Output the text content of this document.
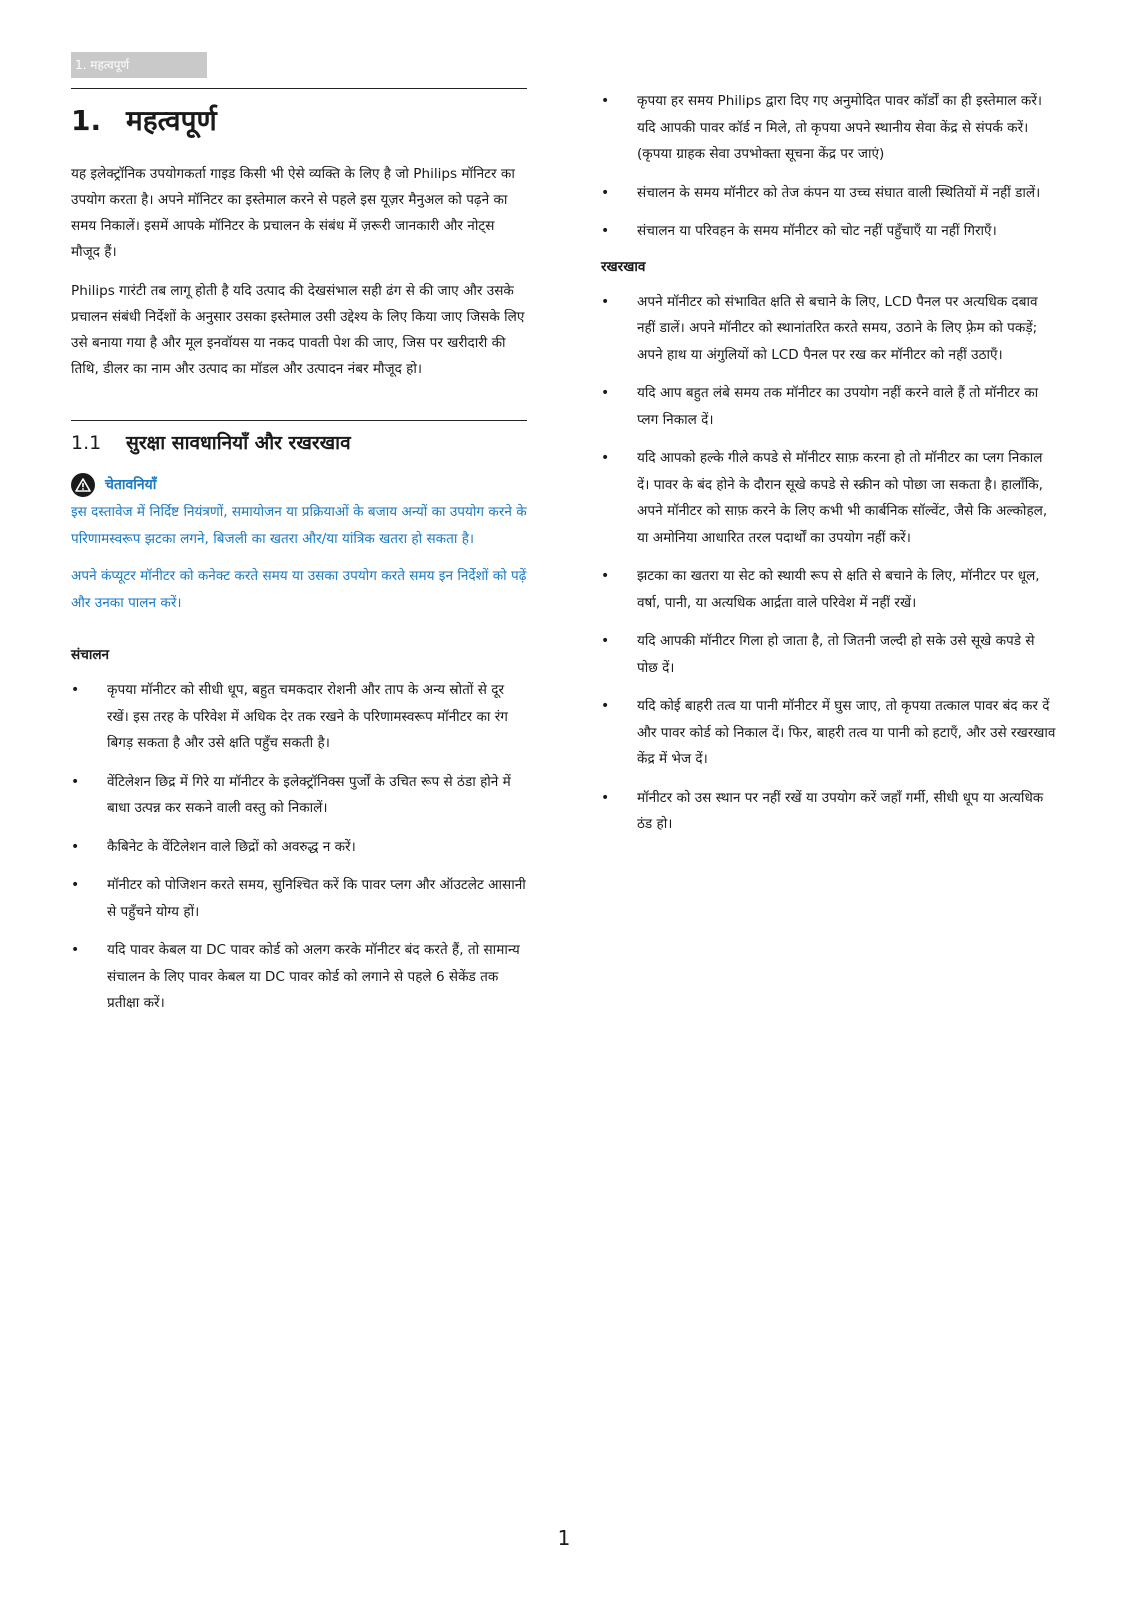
1. महत्वपूर्ण
1. महत्वपूर्ण

यह इलेक्ट्रॉनिक उपयोगकर्ता गाइड किसी भी ऐसे व्यक्ति के लिए है जो Philips मॉनिटर का उपयोग करता है। अपने मॉनिटर का इस्तेमाल करने से पहले इस यूज़र मैनुअल को पढ़ने का समय निकालें। इसमें आपके मॉनिटर के प्रचालन के संबंध में ज़रूरी जानकारी और नोट्स मौजूद हैं।

Philips गारंटी तब लागू होती है यदि उत्पाद की देखसंभाल सही ढंग से की जाए और उसके प्रचालन संबंधी निर्देशों के अनुसार उसका इस्तेमाल उसी उद्देश्य के लिए किया जाए जिसके लिए उसे बनाया गया है और मूल इनवॉयस या नकद पावती पेश की जाए, जिस पर खरीदारी की तिथि, डीलर का नाम और उत्पाद का मॉडल और उत्पादन नंबर मौजूद हो।

1.1 सुरक्षा सावधानियाँ और रखरखाव
चेतावनियाँ

इस दस्तावेज में निर्दिष्ट नियंत्रणों, समायोजन या प्रक्रियाओं के बजाय अन्यों का उपयोग करने के परिणामस्वरूप झटका लगने, बिजली का खतरा और/या यांत्रिक खतरा हो सकता है।

अपने कंप्यूटर मॉनीटर को कनेक्ट करते समय या उसका उपयोग करते समय इन निर्देशों को पढ़ें और उनका पालन करें।

संचालन
• कृपया मॉनीटर को सीधी धूप, बहुत चमकदार रोशनी और ताप के अन्य स्रोतों से दूर रखें। इस तरह के परिवेश में अधिक देर तक रखने के परिणामस्वरूप मॉनीटर का रंग बिगड़ सकता है और उसे क्षति पहुँच सकती है।
• वेंटिलेशन छिद्र में गिरे या मॉनीटर के इलेक्ट्रॉनिक्स पुर्जों के उचित रूप से ठंडा होने में बाधा उत्पन्न कर सकने वाली वस्तु को निकालें।
• कैबिनेट के वेंटिलेशन वाले छिद्रों को अवरुद्ध न करें।
• मॉनीटर को पोजिशन करते समय, सुनिश्चित करें कि पावर प्लग और ऑउटलेट आसानी से पहुँचने योग्य हों।
• यदि पावर केबल या DC पावर कोर्ड को अलग करके मॉनीटर बंद करते हैं, तो सामान्य संचालन के लिए पावर केबल या DC पावर कोर्ड को लगाने से पहले 6 सेकेंड तक प्रतीक्षा करें।
• कृपया हर समय Philips द्वारा दिए गए अनुमोदित पावर कॉर्डों का ही इस्तेमाल करें। यदि आपकी पावर कॉर्ड न मिले, तो कृपया अपने स्थानीय सेवा केंद्र से संपर्क करें। (कृपया ग्राहक सेवा उपभोक्ता सूचना केंद्र पर जाएं)
• संचालन के समय मॉनीटर को तेज कंपन या उच्च संघात वाली स्थितियों में नहीं डालें।
• संचालन या परिवहन के समय मॉनीटर को चोट नहीं पहुँचाएँ या नहीं गिराएँ।
रखरखाव
• अपने मॉनीटर को संभावित क्षति से बचाने के लिए, LCD पैनल पर अत्यधिक दबाव नहीं डालें। अपने मॉनीटर को स्थानांतरित करते समय, उठाने के लिए फ़्रेम को पकड़ें; अपने हाथ या अंगुलियों को LCD पैनल पर रख कर मॉनीटर को नहीं उठाएँ।
• यदि आप बहुत लंबे समय तक मॉनीटर का उपयोग नहीं करने वाले हैं तो मॉनीटर का प्लग निकाल दें।
• यदि आपको हल्के गीले कपडे से मॉनीटर साफ़ करना हो तो मॉनीटर का प्लग निकाल दें। पावर के बंद होने के दौरान सूखे कपडे से स्क्रीन को पोछा जा सकता है। हालाँकि, अपने मॉनीटर को साफ़ करने के लिए कभी भी कार्बनिक सॉल्वेंट, जैसे कि अल्कोहल, या अमोनिया आधारित तरल पदार्थों का उपयोग नहीं करें।
• झटका का खतरा या सेट को स्थायी रूप से क्षति से बचाने के लिए, मॉनीटर पर धूल, वर्षा, पानी, या अत्यधिक आर्द्रता वाले परिवेश में नहीं रखें।
• यदि आपकी मॉनीटर गिला हो जाता है, तो जितनी जल्दी हो सके उसे सूखे कपडे से पोछ दें।
• यदि कोई बाहरी तत्व या पानी मॉनीटर में घुस जाए, तो कृपया तत्काल पावर बंद कर दें और पावर कोर्ड को निकाल दें। फिर, बाहरी तत्व या पानी को हटाएँ, और उसे रखरखाव केंद्र में भेज दें।
• मॉनीटर को उस स्थान पर नहीं रखें या उपयोग करें जहाँ गर्मी, सीधी धूप या अत्यधिक ठंड हो।
1
